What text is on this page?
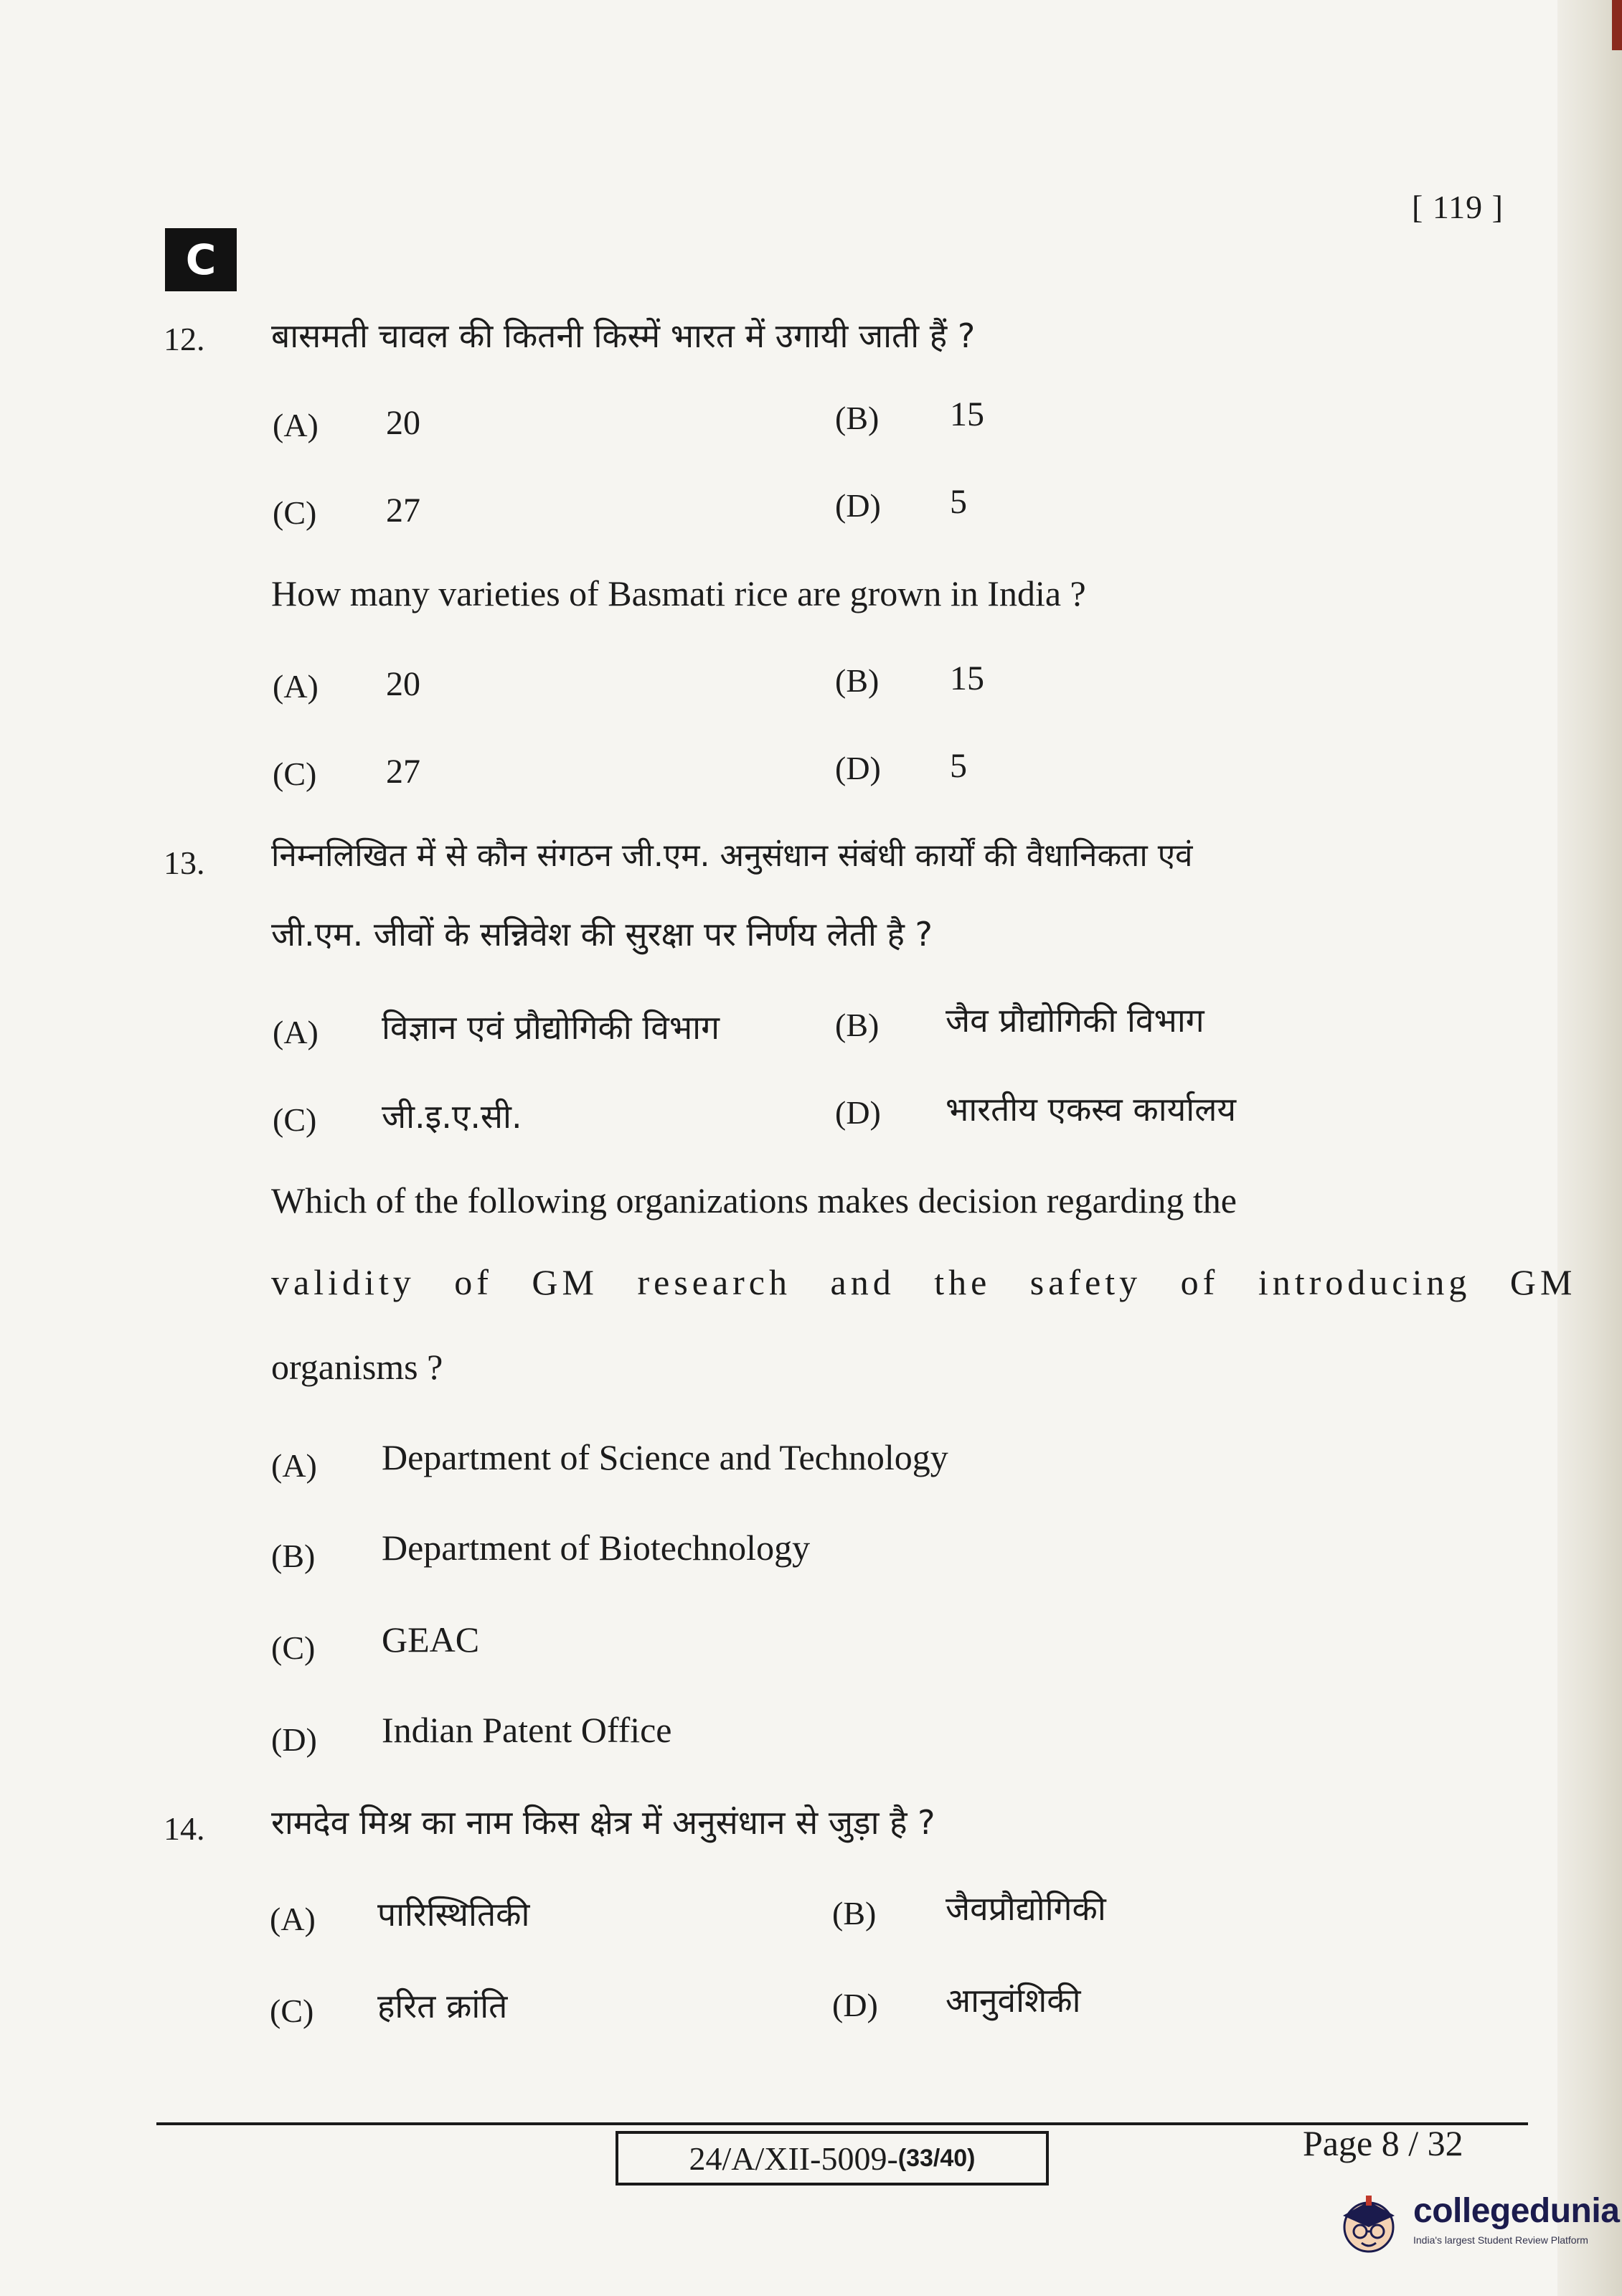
[ 119 ]
C
12. बासमती चावल की कितनी किस्में भारत में उगायी जाती हैं ?
(A) 20	(B) 15
(C) 27	(D) 5
How many varieties of Basmati rice are grown in India ?
(A) 20	(B) 15
(C) 27	(D) 5
13. निम्नलिखित में से कौन संगठन जी.एम. अनुसंधान संबंधी कार्यों की वैधानिकता एवं
जी.एम. जीवों के सन्निवेश की सुरक्षा पर निर्णय लेती है ?
(A) विज्ञान एवं प्रौद्योगिकी विभाग	(B) जैव प्रौद्योगिकी विभाग
(C) जी.इ.ए.सी.	(D) भारतीय एकस्व कार्यालय
Which of the following organizations makes decision regarding the
validity of GM research and the safety of introducing GM
organisms ?
(A) Department of Science and Technology
(B) Department of Biotechnology
(C) GEAC
(D) Indian Patent Office
14. रामदेव मिश्र का नाम किस क्षेत्र में अनुसंधान से जुड़ा है ?
(A) पारिस्थितिकी	(B) जैवप्रौद्योगिकी
(C) हरित क्रांति	(D) आनुवंशिकी
24/A/XII-5009- (33/40)	Page 8 / 32
collegedunia
India's largest Student Review Platform
